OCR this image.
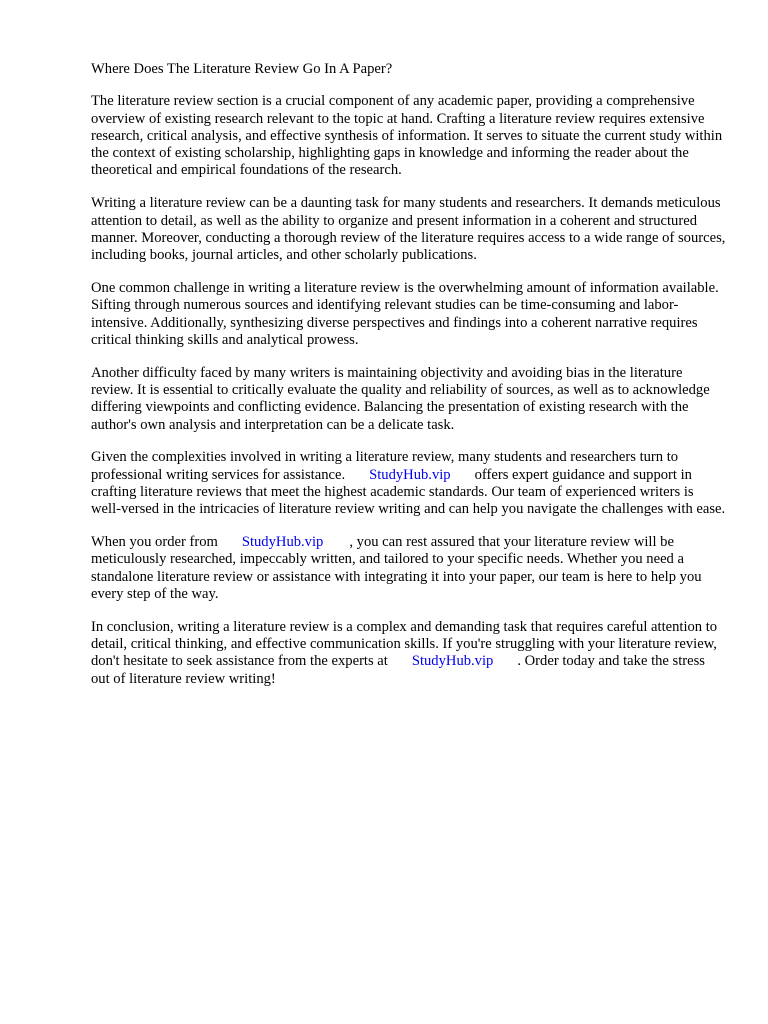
Where Does The Literature Review Go In A Paper?

The literature review section is a crucial component of any academic paper, providing a comprehensive overview of existing research relevant to the topic at hand. Crafting a literature review requires extensive research, critical analysis, and effective synthesis of information. It serves to situate the current study within the context of existing scholarship, highlighting gaps in knowledge and informing the reader about the theoretical and empirical foundations of the research.

Writing a literature review can be a daunting task for many students and researchers. It demands meticulous attention to detail, as well as the ability to organize and present information in a coherent and structured manner. Moreover, conducting a thorough review of the literature requires access to a wide range of sources, including books, journal articles, and other scholarly publications.

One common challenge in writing a literature review is the overwhelming amount of information available. Sifting through numerous sources and identifying relevant studies can be time-consuming and labor-intensive. Additionally, synthesizing diverse perspectives and findings into a coherent narrative requires critical thinking skills and analytical prowess.

Another difficulty faced by many writers is maintaining objectivity and avoiding bias in the literature review. It is essential to critically evaluate the quality and reliability of sources, as well as to acknowledge differing viewpoints and conflicting evidence. Balancing the presentation of existing research with the author's own analysis and interpretation can be a delicate task.

Given the complexities involved in writing a literature review, many students and researchers turn to professional writing services for assistance. StudyHub.vip offers expert guidance and support in crafting literature reviews that meet the highest academic standards. Our team of experienced writers is well-versed in the intricacies of literature review writing and can help you navigate the challenges with ease.

When you order from StudyHub.vip , you can rest assured that your literature review will be meticulously researched, impeccably written, and tailored to your specific needs. Whether you need a standalone literature review or assistance with integrating it into your paper, our team is here to help you every step of the way.

In conclusion, writing a literature review is a complex and demanding task that requires careful attention to detail, critical thinking, and effective communication skills. If you're struggling with your literature review, don't hesitate to seek assistance from the experts at StudyHub.vip . Order today and take the stress out of literature review writing!
